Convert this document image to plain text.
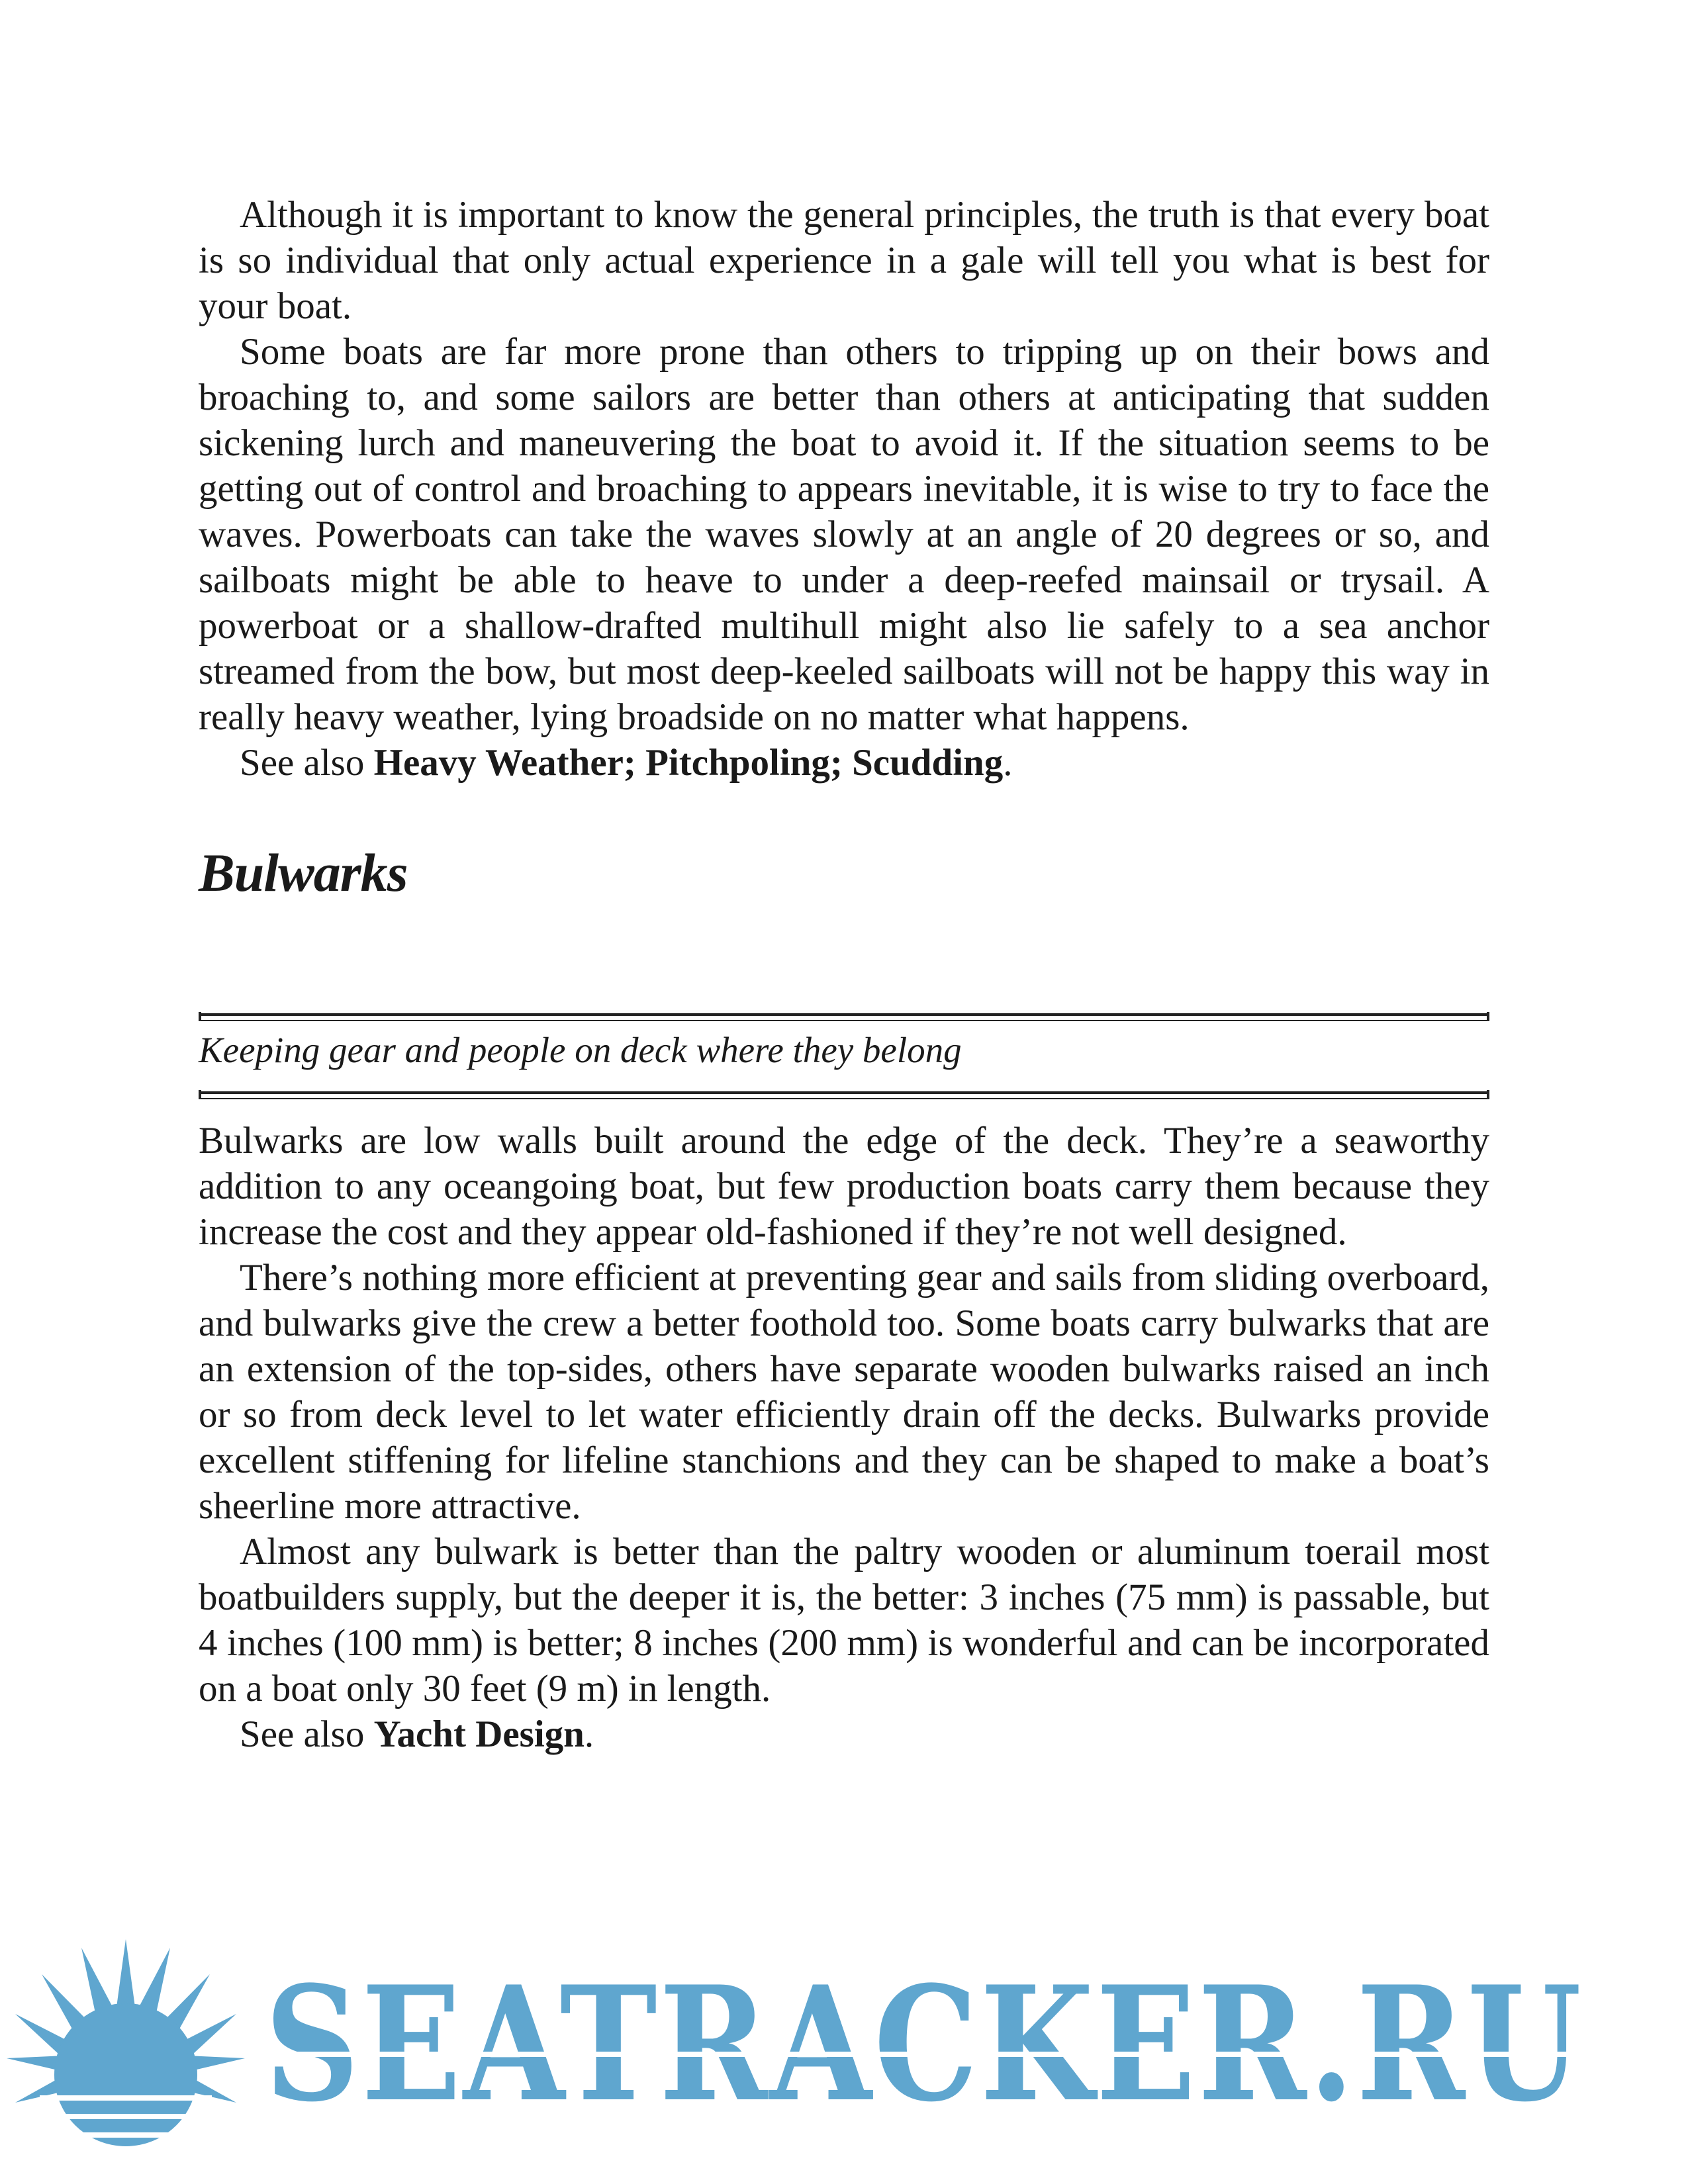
Although it is important to know the general principles, the truth is that every boat is so individual that only actual experience in a gale will tell you what is best for your boat.

Some boats are far more prone than others to tripping up on their bows and broaching to, and some sailors are better than others at anticipating that sudden sickening lurch and maneuvering the boat to avoid it. If the situation seems to be getting out of control and broaching to appears inevitable, it is wise to try to face the waves. Powerboats can take the waves slowly at an angle of 20 degrees or so, and sailboats might be able to heave to under a deep-reefed mainsail or trysail. A powerboat or a shallow-drafted multihull might also lie safely to a sea anchor streamed from the bow, but most deep-keeled sailboats will not be happy this way in really heavy weather, lying broadside on no matter what happens.

See also Heavy Weather; Pitchpoling; Scudding.

Bulwarks

Keeping gear and people on deck where they belong

Bulwarks are low walls built around the edge of the deck. They’re a seaworthy addition to any oceangoing boat, but few production boats carry them because they increase the cost and they appear old-fashioned if they’re not well designed.

There’s nothing more efficient at preventing gear and sails from sliding overboard, and bulwarks give the crew a better foothold too. Some boats carry bulwarks that are an extension of the top-sides, others have separate wooden bulwarks raised an inch or so from deck level to let water efficiently drain off the decks. Bulwarks provide excellent stiffening for lifeline stanchions and they can be shaped to make a boat’s sheerline more attractive.

Almost any bulwark is better than the paltry wooden or aluminum toerail most boatbuilders supply, but the deeper it is, the better: 3 inches (75 mm) is passable, but 4 inches (100 mm) is better; 8 inches (200 mm) is wonderful and can be incorporated on a boat only 30 feet (9 m) in length.

See also Yacht Design.

SEATRACKER.RU
